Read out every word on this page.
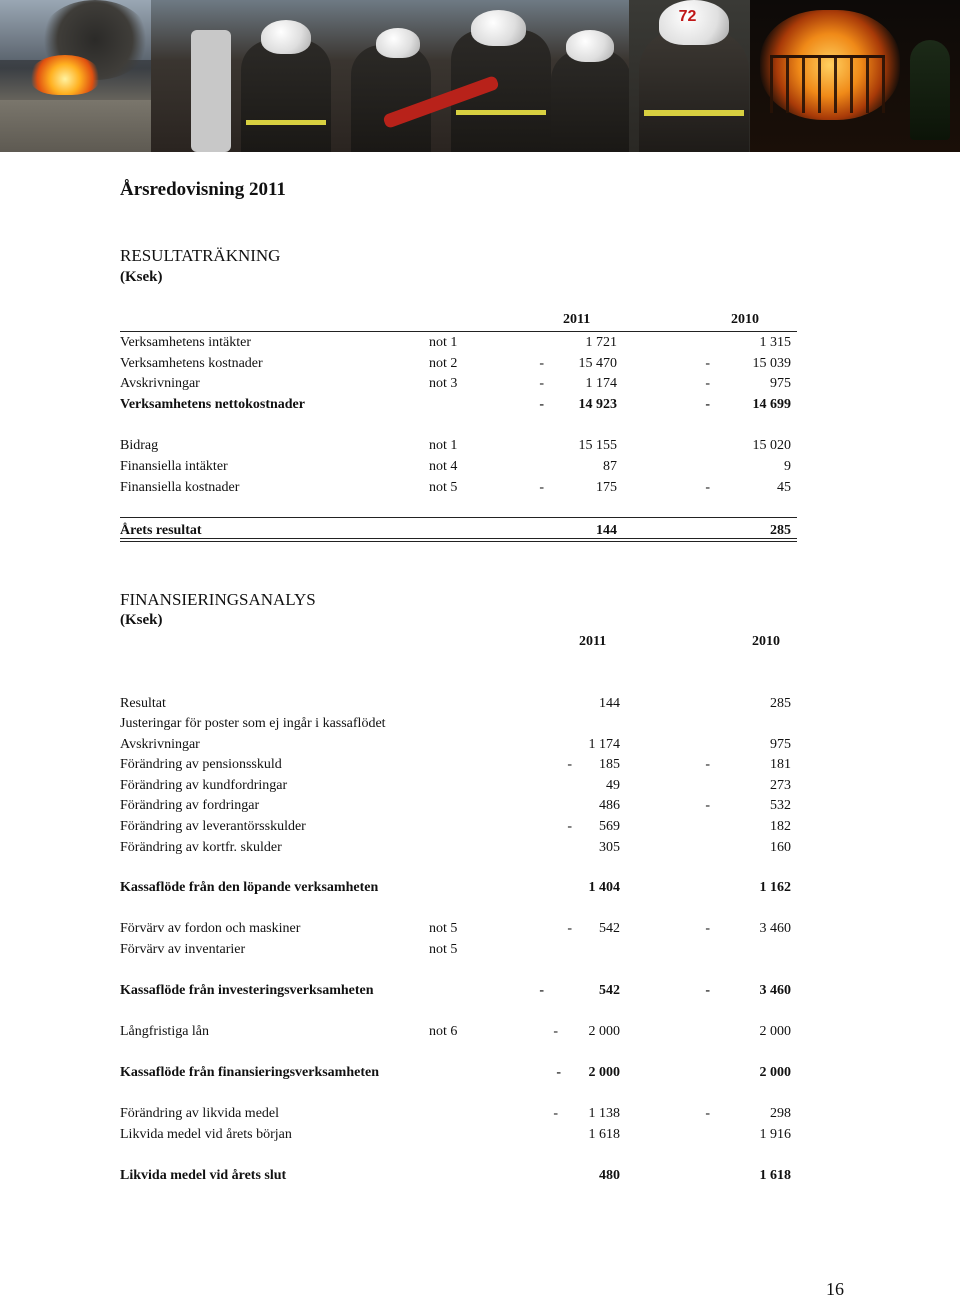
72
Årsredovisning 2011
RESULTATRÄKNING
(Ksek)
2011	2010
Verksamhetens intäkter	not 1	1 721	1 315
Verksamhetens kostnader	not 2	-	15 470	-	15 039
Avskrivningar	not 3	-	1 174	-	975
Verksamhetens nettokostnader	-	14 923	-	14 699
Bidrag	not 1	15 155	15 020
Finansiella intäkter	not 4	87	9
Finansiella kostnader	not 5	-	175	-	45
Årets resultat	144	285
FINANSIERINGSANALYS
(Ksek)
2011	2010
Resultat	144	285
Justeringar för poster som ej ingår i kassaflödet
Avskrivningar	1 174	975
Förändring av pensionsskuld	-	185	-	181
Förändring av kundfordringar	49	273
Förändring av fordringar	486	-	532
Förändring av leverantörsskulder	-	569	182
Förändring av kortfr. skulder	305	160
Kassaflöde från den löpande verksamheten	1 404	1 162
Förvärv av fordon och maskiner	not 5	-	542	-	3 460
Förvärv av inventarier	not 5
Kassaflöde från investeringsverksamheten	-	542	-	3 460
Långfristiga lån	not 6	-	2 000	2 000
Kassaflöde från finansieringsverksamheten	-	2 000	2 000
Förändring av likvida medel	-	1 138	-	298
Likvida medel vid årets början	1 618	1 916
Likvida medel vid årets slut	480	1 618
16
